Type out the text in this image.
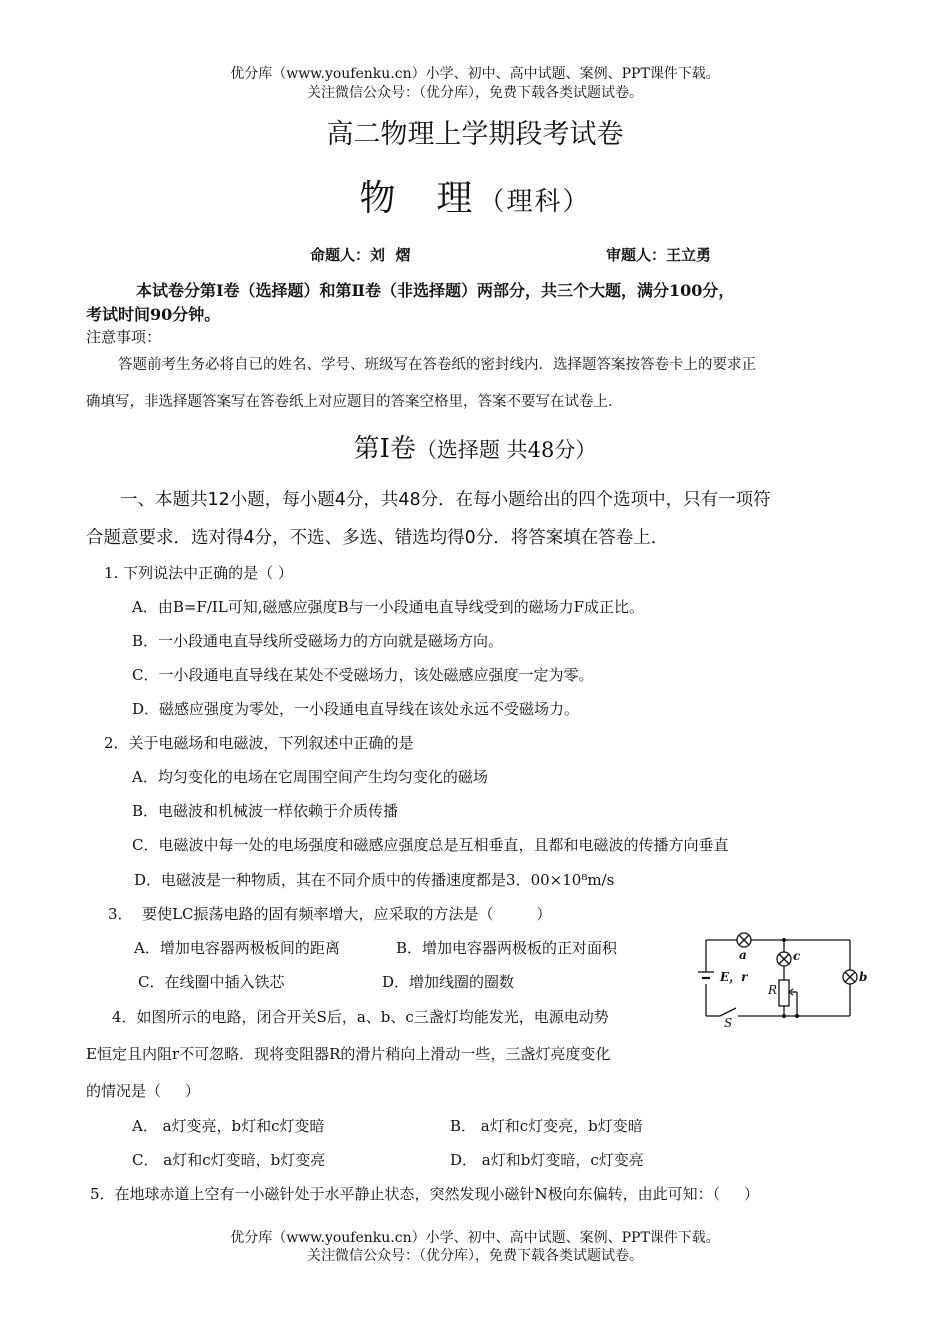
优分库（www.youfenku.cn）小学、初中、高中试题、案例、PPT课件下载。
关注微信公众号：（优分库），免费下载各类试题试卷。
高二物理上学期段考试卷
物  理（理科）
命题人：刘  熠	审题人：王立勇
本试卷分第Ⅰ卷（选择题）和第Ⅱ卷（非选择题）两部分，共三个大题，满分100分，
考试时间90分钟。
注意事项：
答题前考生务必将自已的姓名、学号、班级写在答卷纸的密封线内．选择题答案按答卷卡上的要求正
确填写，非选择题答案写在答卷纸上对应题目的答案空格里，答案不要写在试卷上．
第Ⅰ卷（选择题 共48分）
一、本题共12小题，每小题4分，共48分．在每小题给出的四个选项中，只有一项符
合题意要求．选对得4分，不选、多选、错选均得0分．将答案填在答卷上．
1. 下列说法中正确的是（ ）
A．由B=F/IL可知,磁感应强度B与一小段通电直导线受到的磁场力F成正比。
B．一小段通电直导线所受磁场力的方向就是磁场方向。
C．一小段通电直导线在某处不受磁场力，该处磁感应强度一定为零。
D．磁感应强度为零处，一小段通电直导线在该处永远不受磁场力。
2．关于电磁场和电磁波，下列叙述中正确的是
A．均匀变化的电场在它周围空间产生均匀变化的磁场
B．电磁波和机械波一样依赖于介质传播
C．电磁波中每一处的电场强度和磁感应强度总是互相垂直，且都和电磁波的传播方向垂直
D．电磁波是一种物质，其在不同介质中的传播速度都是3．00×10⁸m/s
3．  要使LC振荡电路的固有频率增大，应采取的方法是（         ）
A．增加电容器两极板间的距离	B．增加电容器两极板的正对面积
C．在线圈中插入铁芯	D．增加线圈的圈数
4．如图所示的电路，闭合开关S后，a、b、c三盏灯均能发光，电源电动势
E恒定且内阻r不可忽略．现将变阻器R的滑片稍向上滑动一些，三盏灯亮度变化
的情况是（     ）
A． a灯变亮，b灯和c灯变暗	B． a灯和c灯变亮，b灯变暗
C． a灯和c灯变暗，b灯变亮	D． a灯和b灯变暗，c灯变亮
5．在地球赤道上空有一小磁针处于水平静止状态，突然发现小磁针N极向东偏转，由此可知：（     ）
a	c
b
E，r
R
S
优分库（www.youfenku.cn）小学、初中、高中试题、案例、PPT课件下载。
关注微信公众号：（优分库），免费下载各类试题试卷。
